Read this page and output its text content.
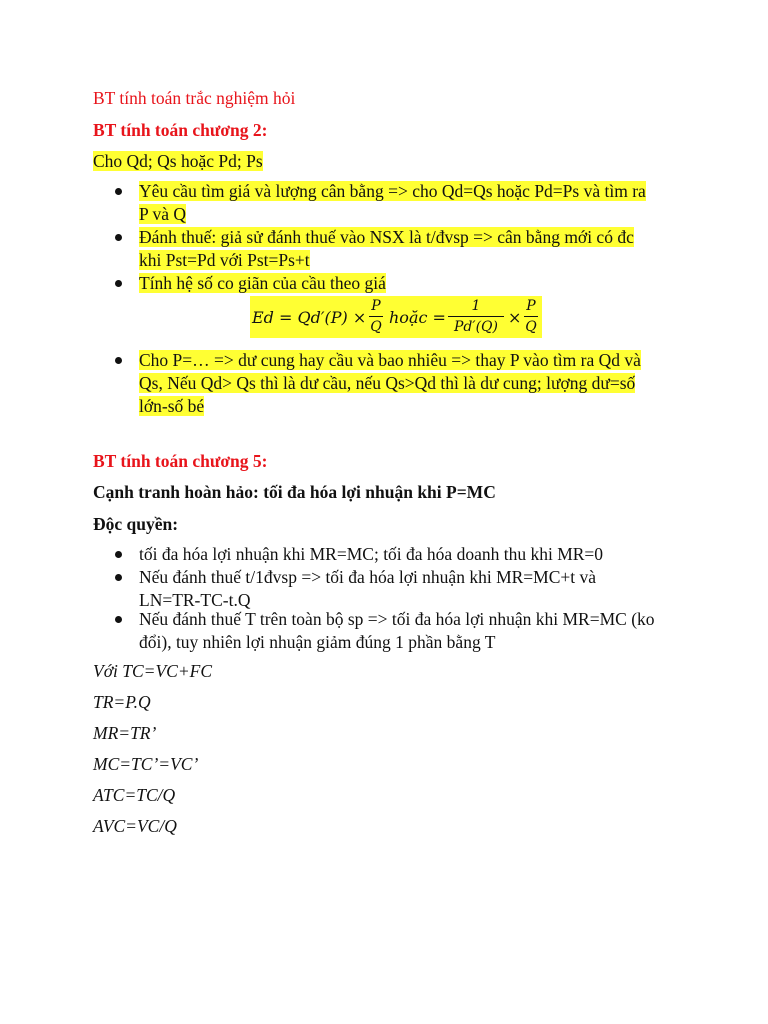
BT tính toán trắc nghiệm hỏi
BT tính toán chương 2:
Cho Qd; Qs hoặc Pd; Ps
Yêu cầu tìm giá và lượng cân bằng => cho Qd=Qs hoặc Pd=Ps và tìm ra
P và Q
Đánh thuế: giả sử đánh thuế vào NSX là t/đvsp => cân bằng mới có đc
khi Pst=Pd với Pst=Ps+t
Tính hệ số co giãn của cầu theo giá
$Ed = Qd'(P) \times \frac{P}{Q}$ hoặc = $\frac{1}{Pd'(Q)} \times \frac{P}{Q}$
Cho P=… => dư cung hay cầu và bao nhiêu => thay P vào tìm ra Qd và
Qs, Nếu Qd> Qs thì là dư cầu, nếu Qs>Qd thì là dư cung; lượng dư=số
lớn-số bé
BT tính toán chương 5:
Cạnh tranh hoàn hảo: tối đa hóa lợi nhuận khi P=MC
Độc quyền:
tối đa hóa lợi nhuận khi MR=MC; tối đa hóa doanh thu khi MR=0
Nếu đánh thuế t/1đvsp => tối đa hóa lợi nhuận khi MR=MC+t và
LN=TR-TC-t.Q
Nếu đánh thuế T trên toàn bộ sp => tối đa hóa lợi nhuận khi MR=MC (ko
đổi), tuy nhiên lợi nhuận giảm đúng 1 phần bằng T
Với TC=VC+FC
TR=P.Q
MR=TR’
MC=TC’=VC’
ATC=TC/Q
AVC=VC/Q
